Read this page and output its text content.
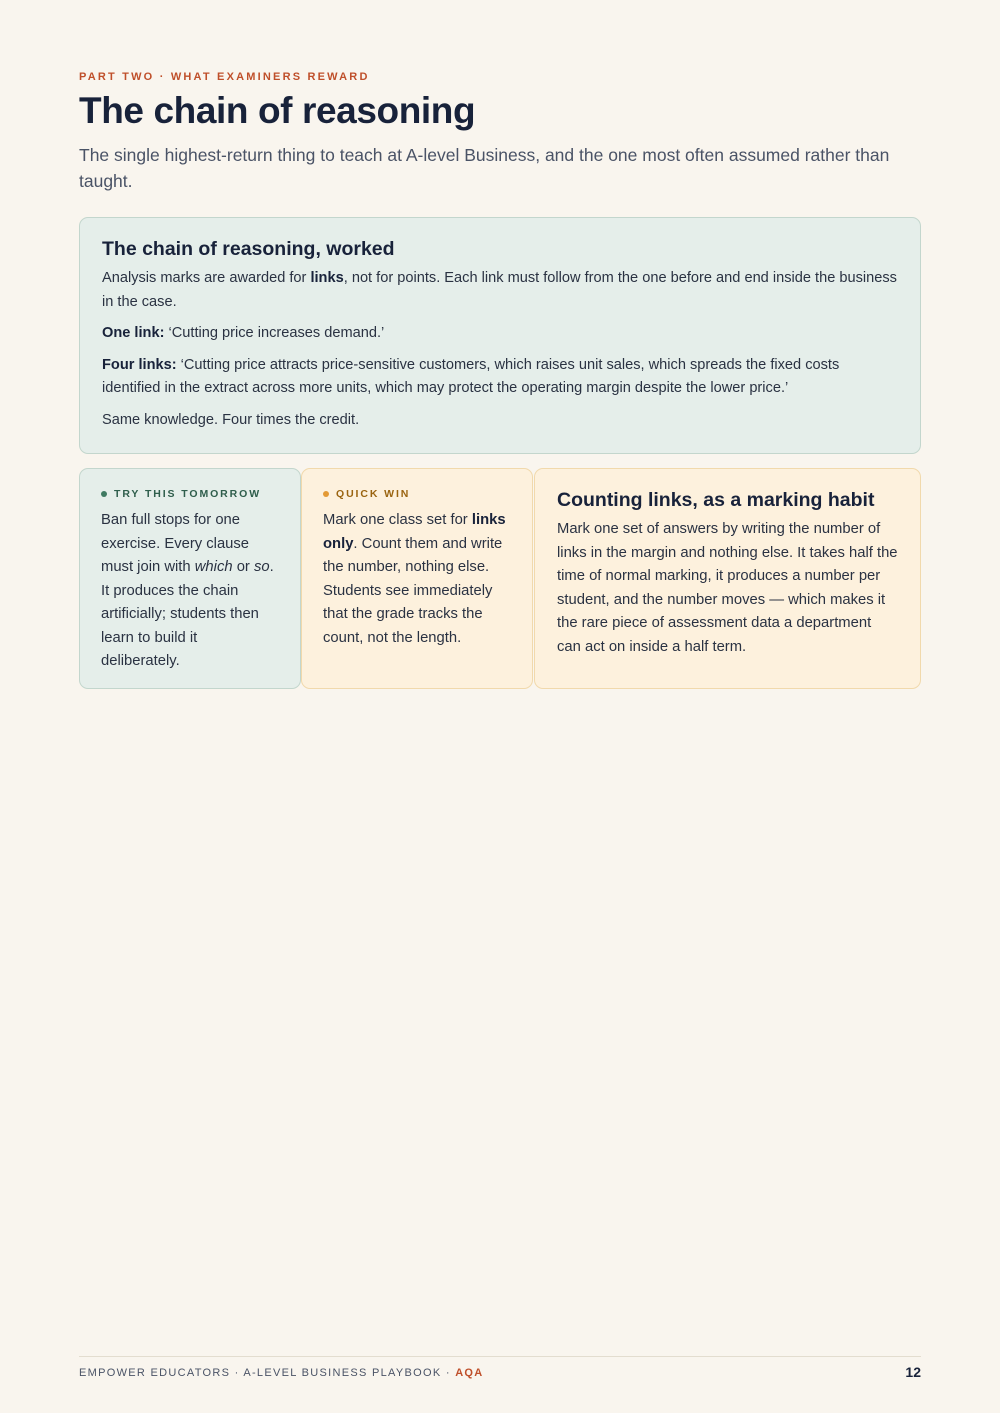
PART TWO · WHAT EXAMINERS REWARD
The chain of reasoning

The single highest-return thing to teach at A-level Business, and the one most often assumed rather than taught.

The chain of reasoning, worked

Analysis marks are awarded for links, not for points. Each link must follow from the one before and end inside the business in the case.

One link: ‘Cutting price increases demand.’

Four links: ‘Cutting price attracts price-sensitive customers, which raises unit sales, which spreads the fixed costs identified in the extract across more units, which may protect the operating margin despite the lower price.’

Same knowledge. Four times the credit.

TRY THIS TOMORROW

Ban full stops for one exercise. Every clause must join with which or so. It produces the chain artificially; students then learn to build it deliberately.

QUICK WIN

Mark one class set for links only. Count them and write the number, nothing else. Students see immediately that the grade tracks the count, not the length.

Counting links, as a marking habit

Mark one set of answers by writing the number of links in the margin and nothing else. It takes half the time of normal marking, it produces a number per student, and the number moves — which makes it the rare piece of assessment data a department can act on inside a half term.

EMPOWER EDUCATORS · A-LEVEL BUSINESS PLAYBOOK · AQA	12
